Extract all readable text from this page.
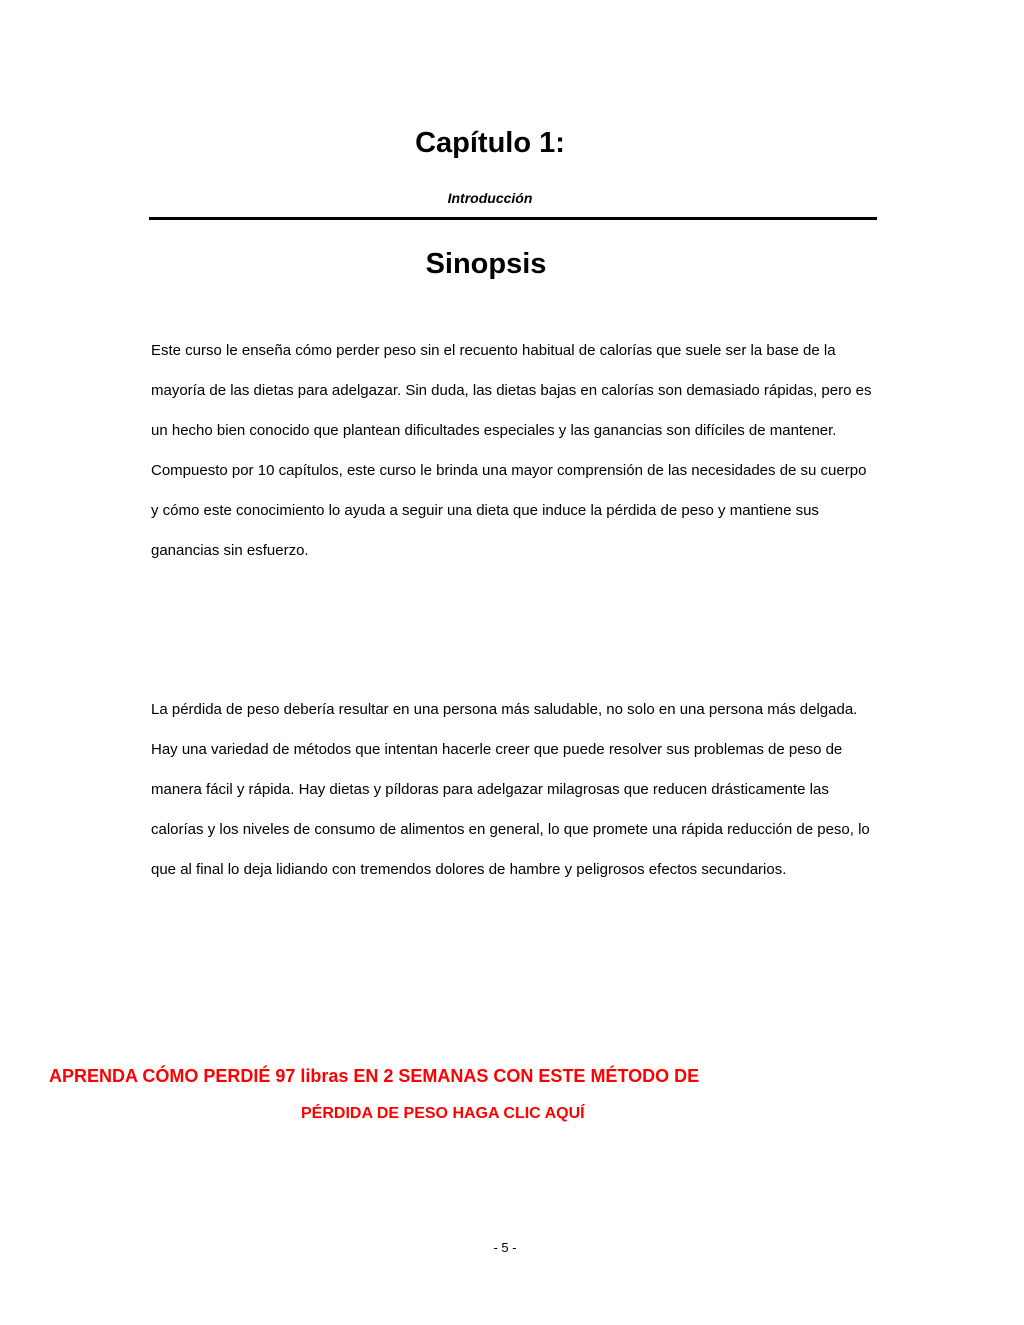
Capítulo 1:

Introducción

Sinopsis

Este curso le enseña cómo perder peso sin el recuento habitual de calorías que suele ser la base de la mayoría de las dietas para adelgazar. Sin duda, las dietas bajas en calorías son demasiado rápidas, pero es un hecho bien conocido que plantean dificultades especiales y las ganancias son difíciles de mantener. Compuesto por 10 capítulos, este curso le brinda una mayor comprensión de las necesidades de su cuerpo y cómo este conocimiento lo ayuda a seguir una dieta que induce la pérdida de peso y mantiene sus ganancias sin esfuerzo.

La pérdida de peso debería resultar en una persona más saludable, no solo en una persona más delgada. Hay una variedad de métodos que intentan hacerle creer que puede resolver sus problemas de peso de manera fácil y rápida. Hay dietas y píldoras para adelgazar milagrosas que reducen drásticamente las calorías y los niveles de consumo de alimentos en general, lo que promete una rápida reducción de peso, lo que al final lo deja lidiando con tremendos dolores de hambre y peligrosos efectos secundarios.

APRENDA CÓMO PERDIÉ 97 libras EN 2 SEMANAS CON ESTE MÉTODO DE
PÉRDIDA DE PESO HAGA CLIC AQUÍ

- 5 -
